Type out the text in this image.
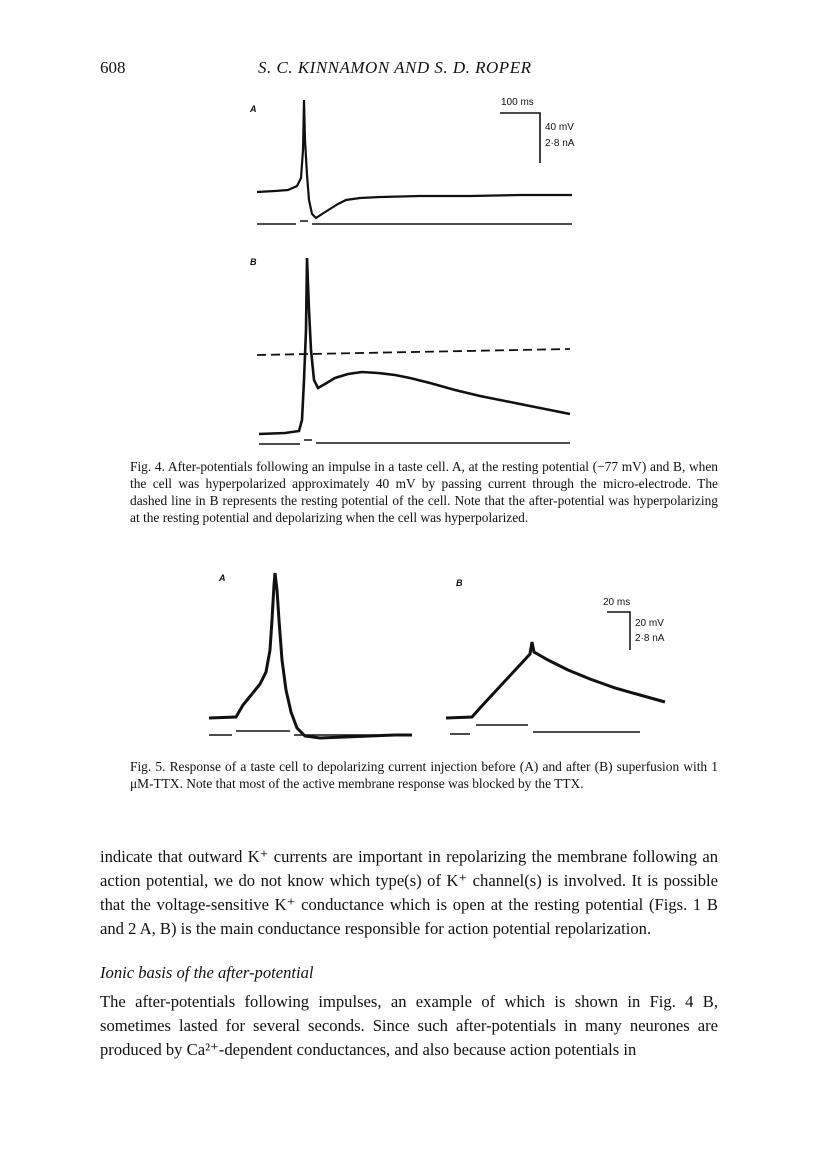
608	S. C. KINNAMON AND S. D. ROPER
A
B
100 ms
40 mV
2·8 nA
Fig. 4. After-potentials following an impulse in a taste cell. A, at the resting potential (−77 mV) and B, when the cell was hyperpolarized approximately 40 mV by passing current through the micro-electrode. The dashed line in B represents the resting potential of the cell. Note that the after-potential was hyperpolarizing at the resting potential and depolarizing when the cell was hyperpolarized.
A	B
20 ms
20 mV
2·8 nA
Fig. 5. Response of a taste cell to depolarizing current injection before (A) and after (B) superfusion with 1 μM-TTX. Note that most of the active membrane response was blocked by the TTX.

indicate that outward K⁺ currents are important in repolarizing the membrane following an action potential, we do not know which type(s) of K⁺ channel(s) is involved. It is possible that the voltage-sensitive K⁺ conductance which is open at the resting potential (Figs. 1 B and 2 A, B) is the main conductance responsible for action potential repolarization.

Ionic basis of the after-potential

The after-potentials following impulses, an example of which is shown in Fig. 4 B, sometimes lasted for several seconds. Since such after-potentials in many neurones are produced by Ca²⁺-dependent conductances, and also because action potentials in
